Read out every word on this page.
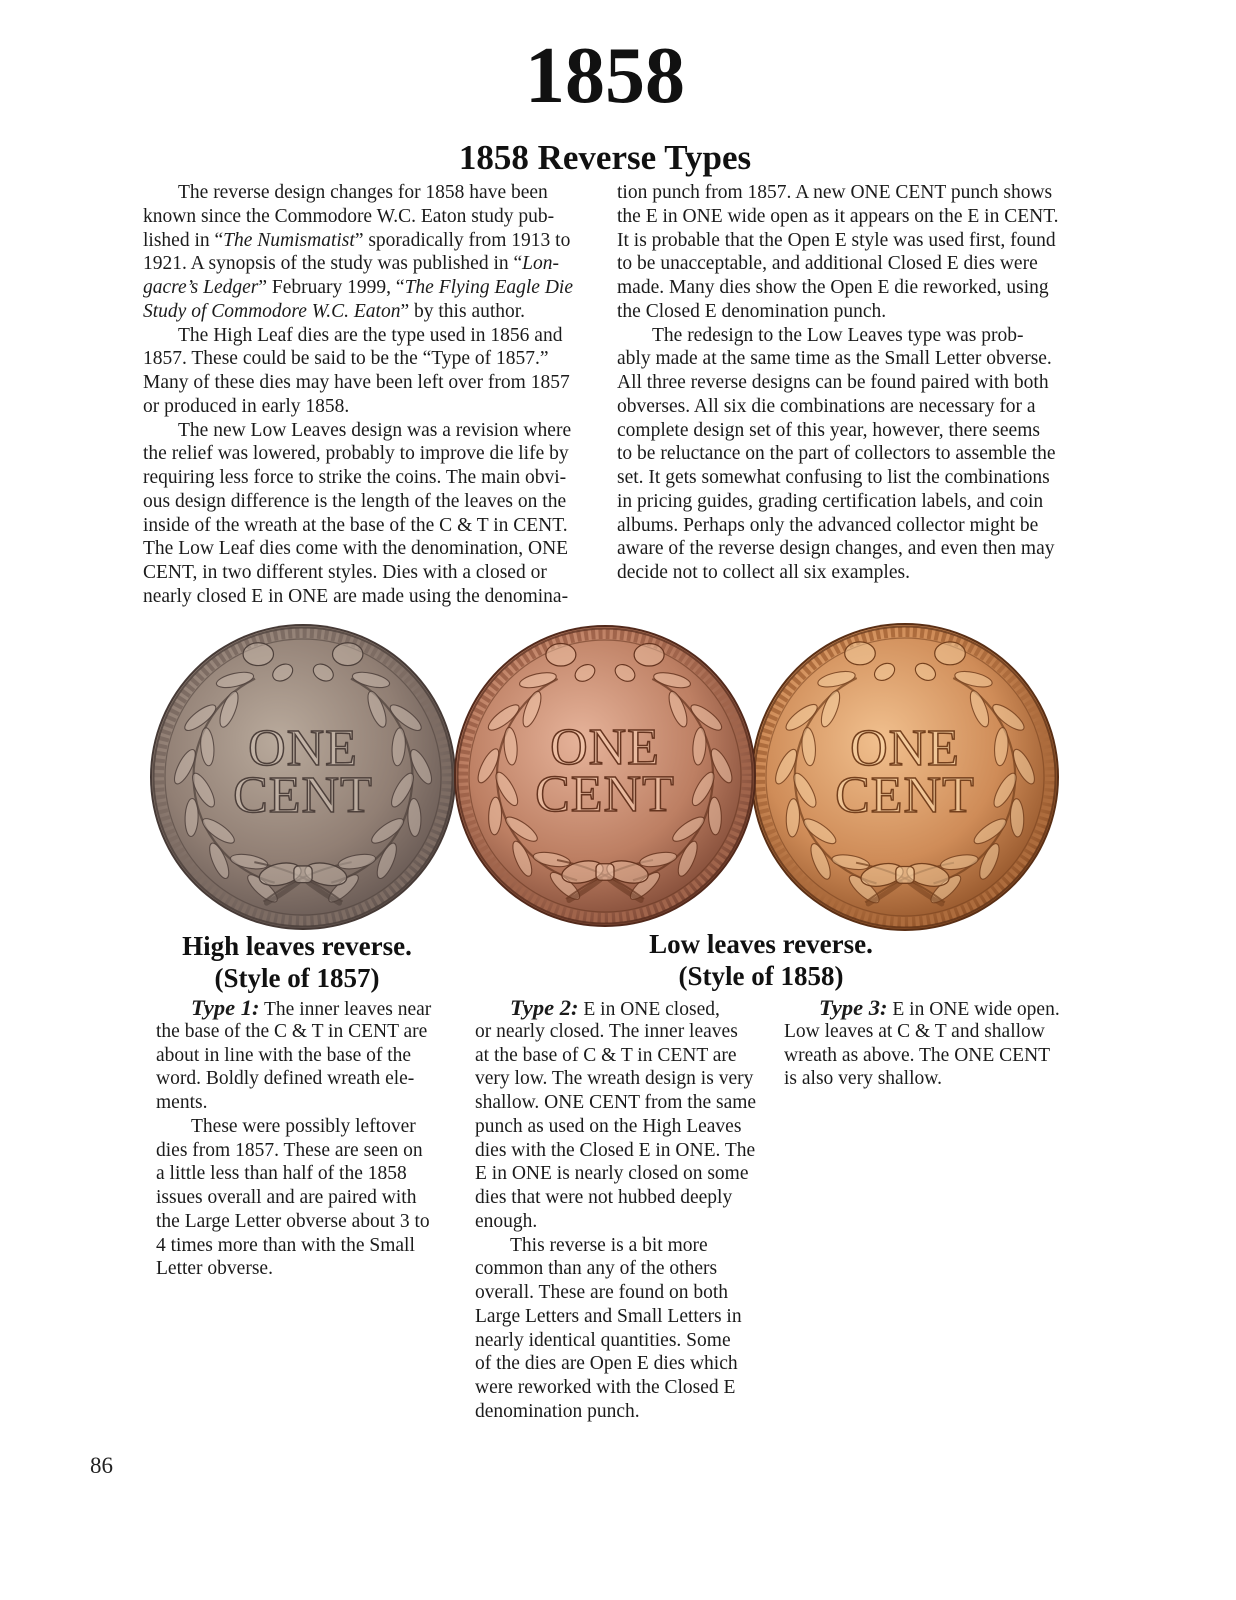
1858
1858 Reverse Types
The reverse design changes for 1858 have been
known since the Commodore W.C. Eaton study pub-
lished in “The Numismatist” sporadically from 1913 to
1921. A synopsis of the study was published in “Lon-
gacre’s Ledger” February 1999, “The Flying Eagle Die
Study of Commodore W.C. Eaton” by this author.
The High Leaf dies are the type used in 1856 and
1857. These could be said to be the “Type of 1857.”
Many of these dies may have been left over from 1857
or produced in early 1858.
The new Low Leaves design was a revision where
the relief was lowered, probably to improve die life by
requiring less force to strike the coins. The main obvi-
ous design difference is the length of the leaves on the
inside of the wreath at the base of the C & T in CENT.
The Low Leaf dies come with the denomination, ONE
CENT, in two different styles. Dies with a closed or
nearly closed E in ONE are made using the denomina-
tion punch from 1857. A new ONE CENT punch shows
the E in ONE wide open as it appears on the E in CENT.
It is probable that the Open E style was used first, found
to be unacceptable, and additional Closed E dies were
made. Many dies show the Open E die reworked, using
the Closed E denomination punch.
The redesign to the Low Leaves type was prob-
ably made at the same time as the Small Letter obverse.
All three reverse designs can be found paired with both
obverses. All six die combinations are necessary for a
complete design set of this year, however, there seems
to be reluctance on the part of collectors to assemble the
set. It gets somewhat confusing to list the combinations
in pricing guides, grading certification labels, and coin
albums. Perhaps only the advanced collector might be
aware of the reverse design changes, and even then may
decide not to collect all six examples.
ONE
CENT
ONE
CENT
ONE
CENT
High leaves reverse.
(Style of 1857)
Low leaves reverse.
(Style of 1858)
Type 1: The inner leaves near
the base of the C & T in CENT are
about in line with the base of the
word. Boldly defined wreath ele-
ments.
These were possibly leftover
dies from 1857. These are seen on
a little less than half of the 1858
issues overall and are paired with
the Large Letter obverse about 3 to
4 times more than with the Small
Letter obverse.
Type 2: E in ONE closed,
or nearly closed. The inner leaves
at the base of C & T in CENT are
very low. The wreath design is very
shallow. ONE CENT from the same
punch as used on the High Leaves
dies with the Closed E in ONE. The
E in ONE is nearly closed on some
dies that were not hubbed deeply
enough.
This reverse is a bit more
common than any of the others
overall. These are found on both
Large Letters and Small Letters in
nearly identical quantities. Some
of the dies are Open E dies which
were reworked with the Closed E
denomination punch.
Type 3: E in ONE wide open.
Low leaves at C & T and shallow
wreath as above. The ONE CENT
is also very shallow.
86
